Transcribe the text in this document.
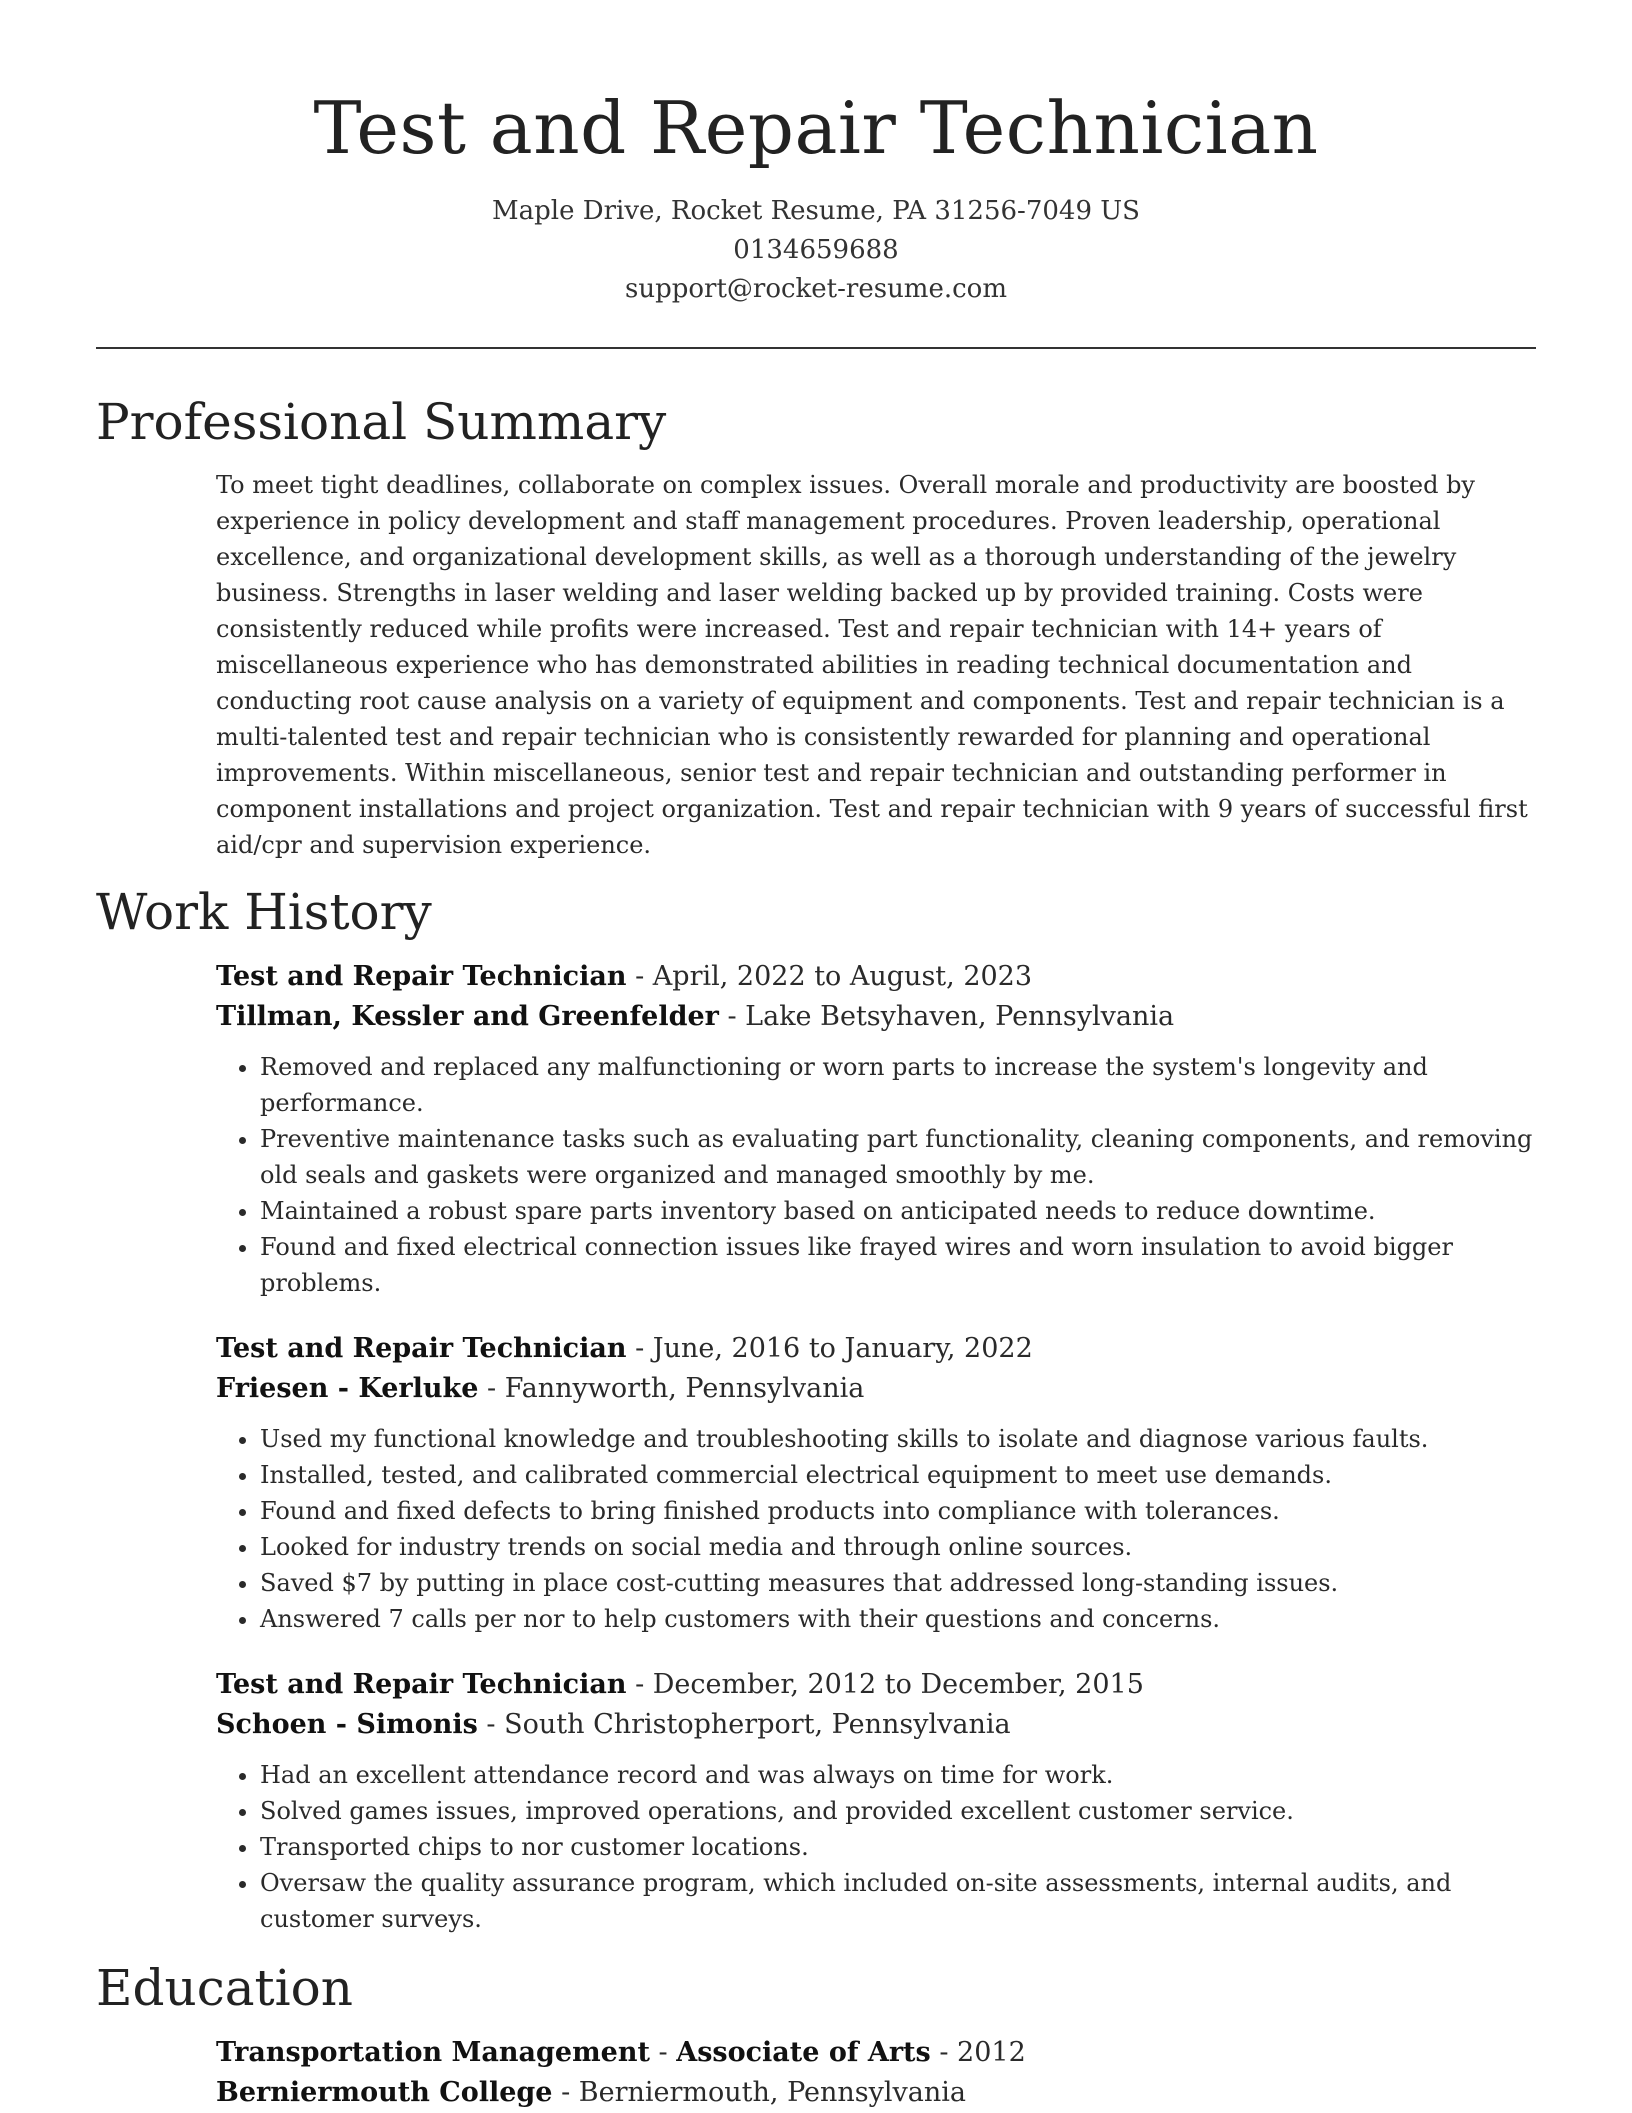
Test and Repair Technician
Maple Drive, Rocket Resume, PA 31256-7049 US
0134659688
support@rocket-resume.com
Professional Summary
To meet tight deadlines, collaborate on complex issues. Overall morale and productivity are boosted by experience in policy development and staff management procedures. Proven leadership, operational excellence, and organizational development skills, as well as a thorough understanding of the jewelry business. Strengths in laser welding and laser welding backed up by provided training. Costs were consistently reduced while profits were increased. Test and repair technician with 14+ years of miscellaneous experience who has demonstrated abilities in reading technical documentation and conducting root cause analysis on a variety of equipment and components. Test and repair technician is a multi-talented test and repair technician who is consistently rewarded for planning and operational improvements. Within miscellaneous, senior test and repair technician and outstanding performer in component installations and project organization. Test and repair technician with 9 years of successful first aid/cpr and supervision experience.
Work History
Test and Repair Technician - April, 2022 to August, 2023
Tillman, Kessler and Greenfelder - Lake Betsyhaven, Pennsylvania
• Removed and replaced any malfunctioning or worn parts to increase the system's longevity and performance.
• Preventive maintenance tasks such as evaluating part functionality, cleaning components, and removing old seals and gaskets were organized and managed smoothly by me.
• Maintained a robust spare parts inventory based on anticipated needs to reduce downtime.
• Found and fixed electrical connection issues like frayed wires and worn insulation to avoid bigger problems.
Test and Repair Technician - June, 2016 to January, 2022
Friesen - Kerluke - Fannyworth, Pennsylvania
• Used my functional knowledge and troubleshooting skills to isolate and diagnose various faults.
• Installed, tested, and calibrated commercial electrical equipment to meet use demands.
• Found and fixed defects to bring finished products into compliance with tolerances.
• Looked for industry trends on social media and through online sources.
• Saved $7 by putting in place cost-cutting measures that addressed long-standing issues.
• Answered 7 calls per nor to help customers with their questions and concerns.
Test and Repair Technician - December, 2012 to December, 2015
Schoen - Simonis - South Christopherport, Pennsylvania
• Had an excellent attendance record and was always on time for work.
• Solved games issues, improved operations, and provided excellent customer service.
• Transported chips to nor customer locations.
• Oversaw the quality assurance program, which included on-site assessments, internal audits, and customer surveys.
Education
Transportation Management - Associate of Arts - 2012
Berniermouth College - Berniermouth, Pennsylvania
